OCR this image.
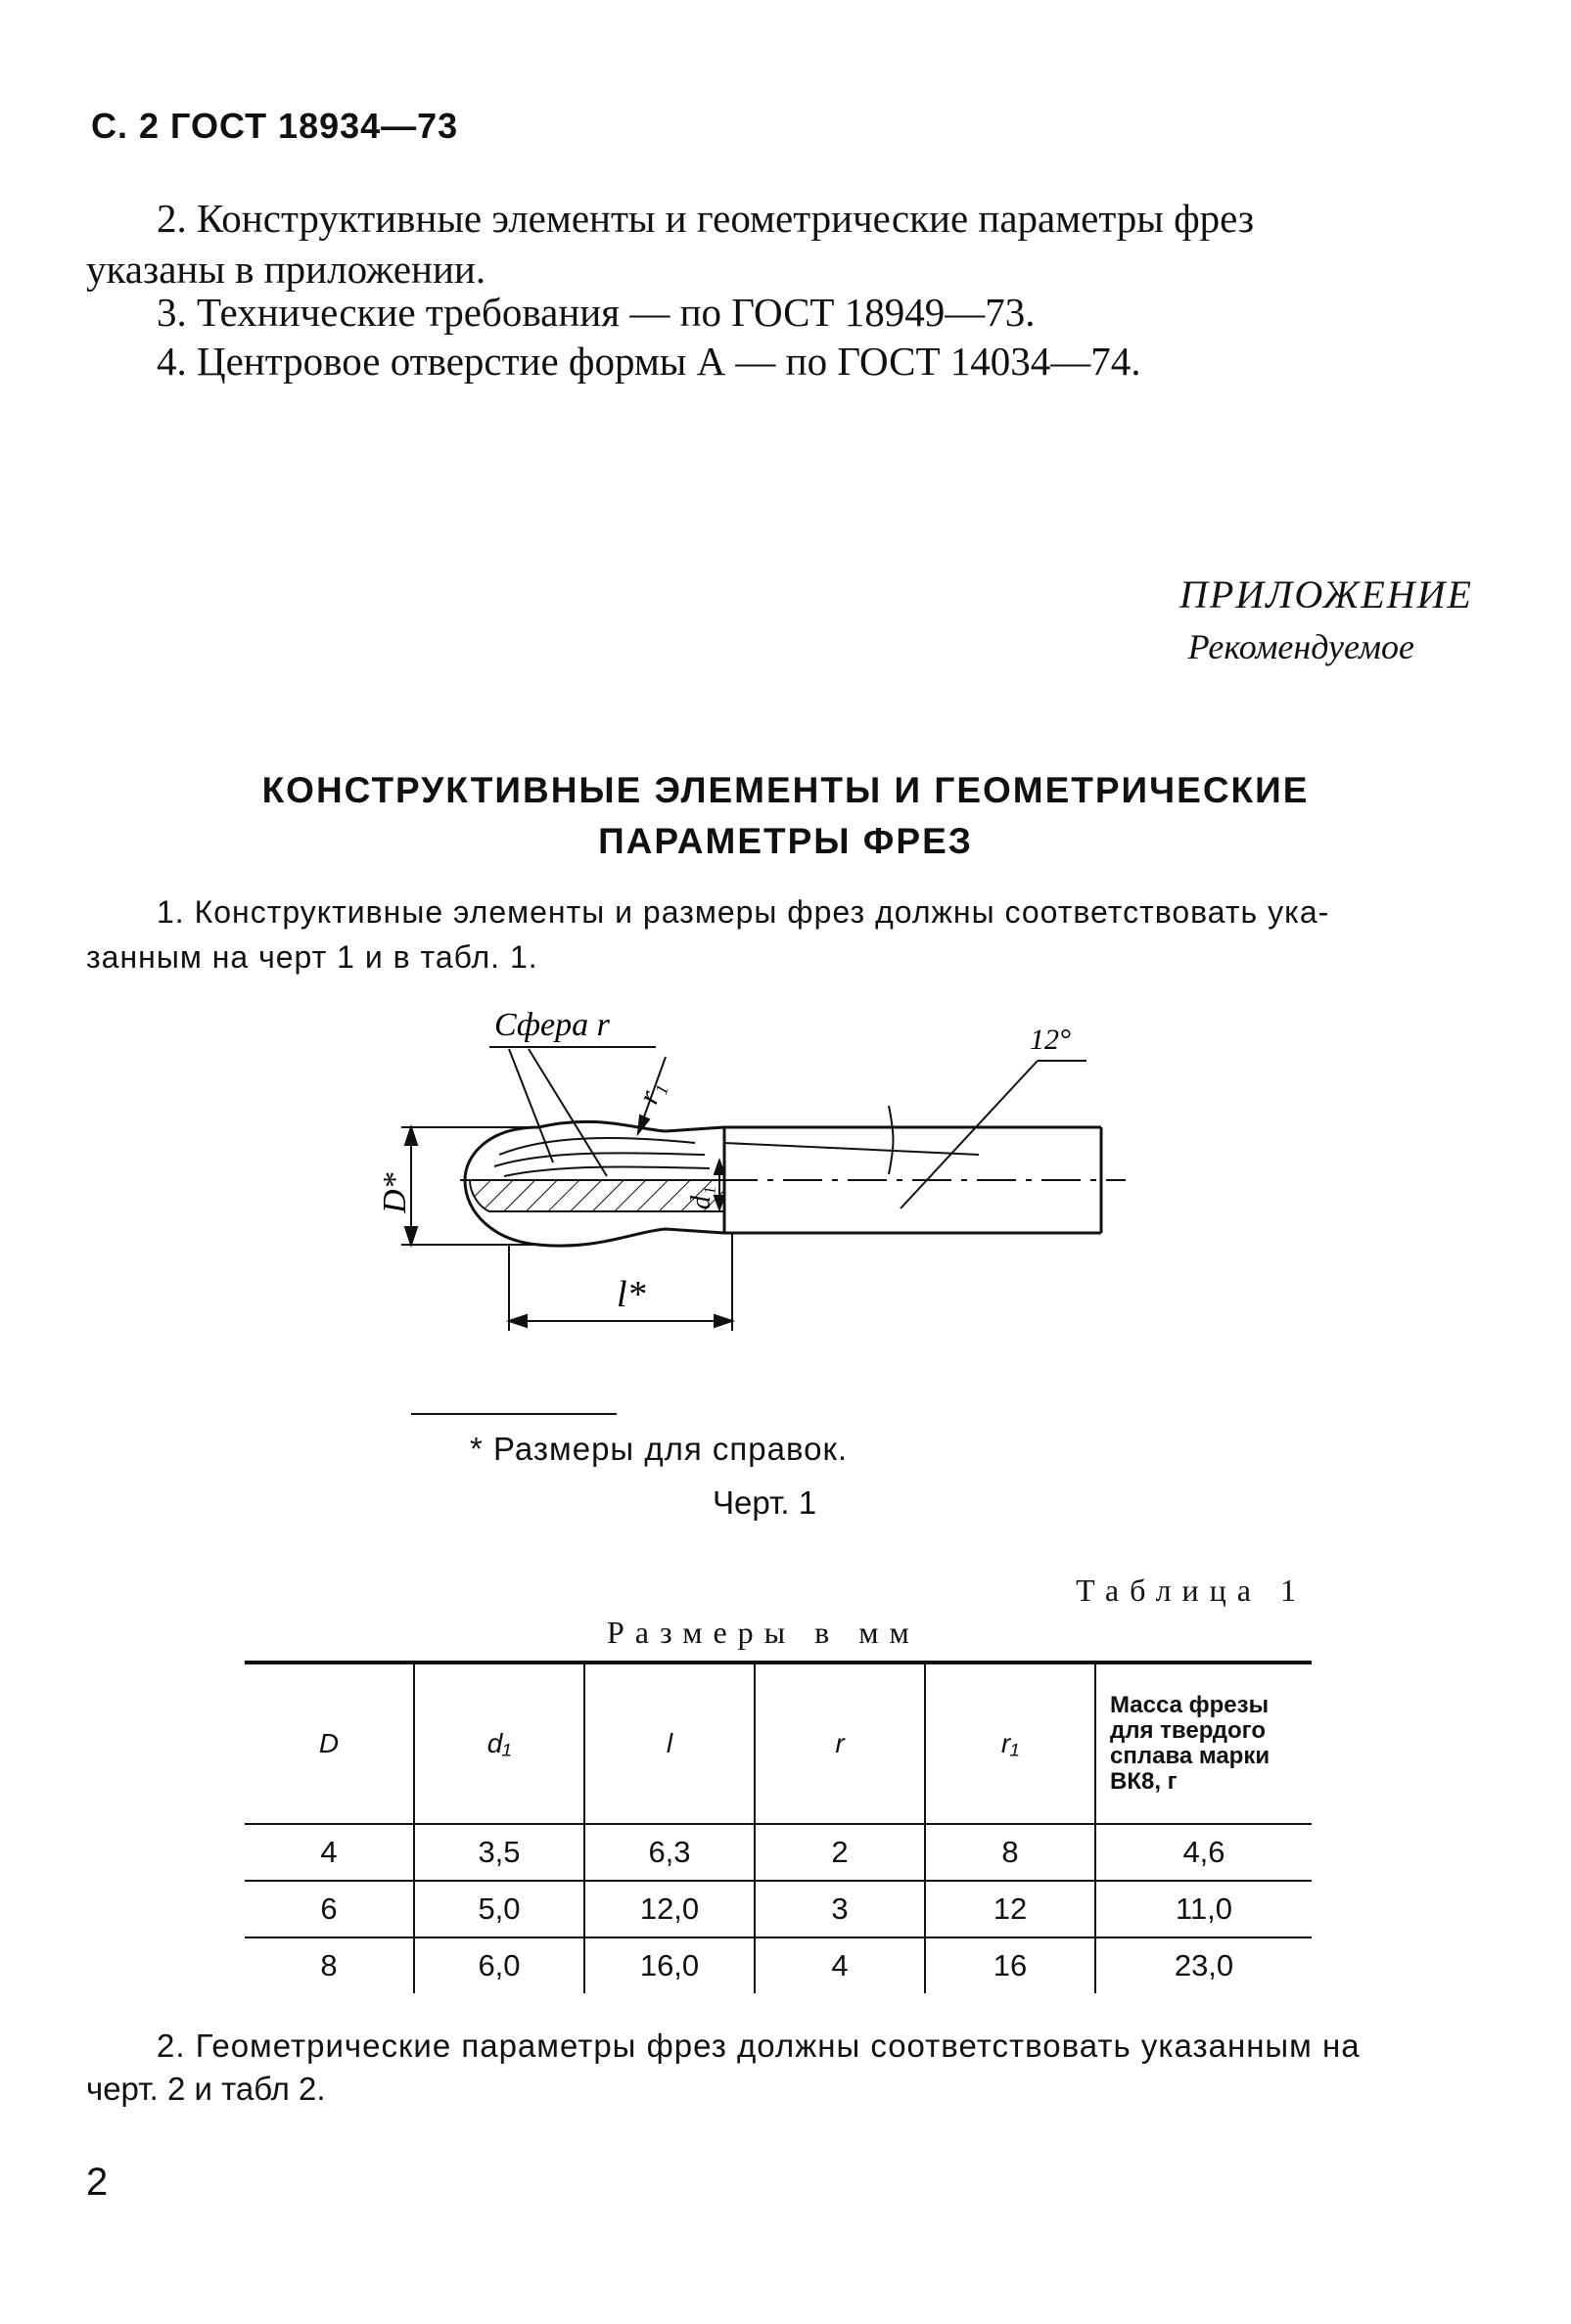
С. 2 ГОСТ 18934—73
2. Конструктивные элементы и геометрические параметры фрез
указаны в приложении.
3. Технические требования — по ГОСТ 18949—73.
4. Центровое отверстие формы А — по ГОСТ 14034—74.
ПРИЛОЖЕНИЕ
Рекомендуемое
КОНСТРУКТИВНЫЕ ЭЛЕМЕНТЫ И ГЕОМЕТРИЧЕСКИЕ
ПАРАМЕТРЫ ФРЕЗ
1. Конструктивные элементы и размеры фрез должны соответствовать ука-
занным на черт 1 и в табл. 1.
D*	d₁
l*
Сфера r
r₁
12°
* Размеры для справок.
Черт. 1
Таблица 1
Размеры в мм
D	d₁	l	r	r₁	Масса фрезы для твердого сплава марки ВК8, г
4	3,5	6,3	2	8	4,6
6	5,0	12,0	3	12	11,0
8	6,0	16,0	4	16	23,0
2. Геометрические параметры фрез должны соответствовать указанным на
черт. 2 и табл 2.
2
